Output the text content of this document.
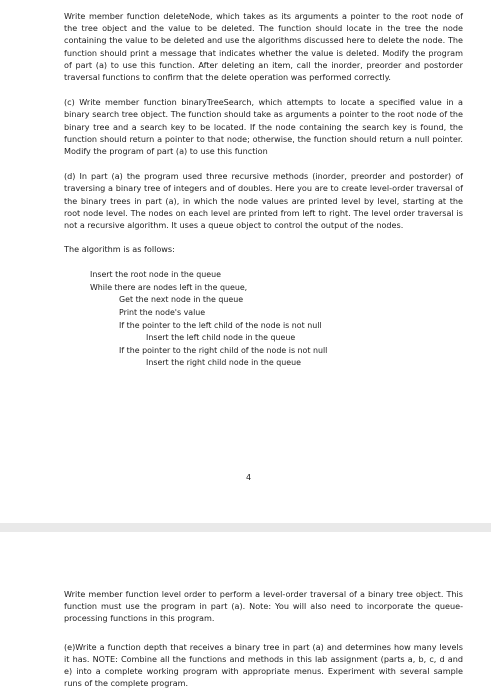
Write member function deleteNode, which takes as its arguments a pointer to the root node of the tree object and the value to be deleted. The function should locate in the tree the node containing the value to be deleted and use the algorithms discussed here to delete the node. The function should print a message that indicates whether the value is deleted. Modify the program of part (a) to use this function. After deleting an item, call the inorder, preorder and postorder traversal functions to confirm that the delete operation was performed correctly.

(c) Write member function binaryTreeSearch, which attempts to locate a specified value in a binary search tree object. The function should take as arguments a pointer to the root node of the binary tree and a search key to be located. If the node containing the search key is found, the function should return a pointer to that node; otherwise, the function should return a null pointer. Modify the program of part (a) to use this function

(d) In part (a) the program used three recursive methods (inorder, preorder and postorder) of traversing a binary tree of integers and of doubles. Here you are to create level-order traversal of the binary trees in part (a), in which the node values are printed level by level, starting at the root node level. The nodes on each level are printed from left to right. The level order traversal is not a recursive algorithm. It uses a queue object to control the output of the nodes.

The algorithm is as follows:

Insert the root node in the queue
While there are nodes left in the queue,
Get the next node in the queue
Print the node's value
If the pointer to the left child of the node is not null
Insert the left child node in the queue
If the pointer to the right child of the node is not null
Insert the right child node in the queue
4

Write member function level order to perform a level-order traversal of a binary tree object. This function must use the program in part (a). Note: You will also need to incorporate the queue-processing functions in this program.

(e)Write a function depth that receives a binary tree in part (a) and determines how many levels it has. NOTE: Combine all the functions and methods in this lab assignment (parts a, b, c, d and e) into a complete working program with appropriate menus. Experiment with several sample runs of the complete program.
